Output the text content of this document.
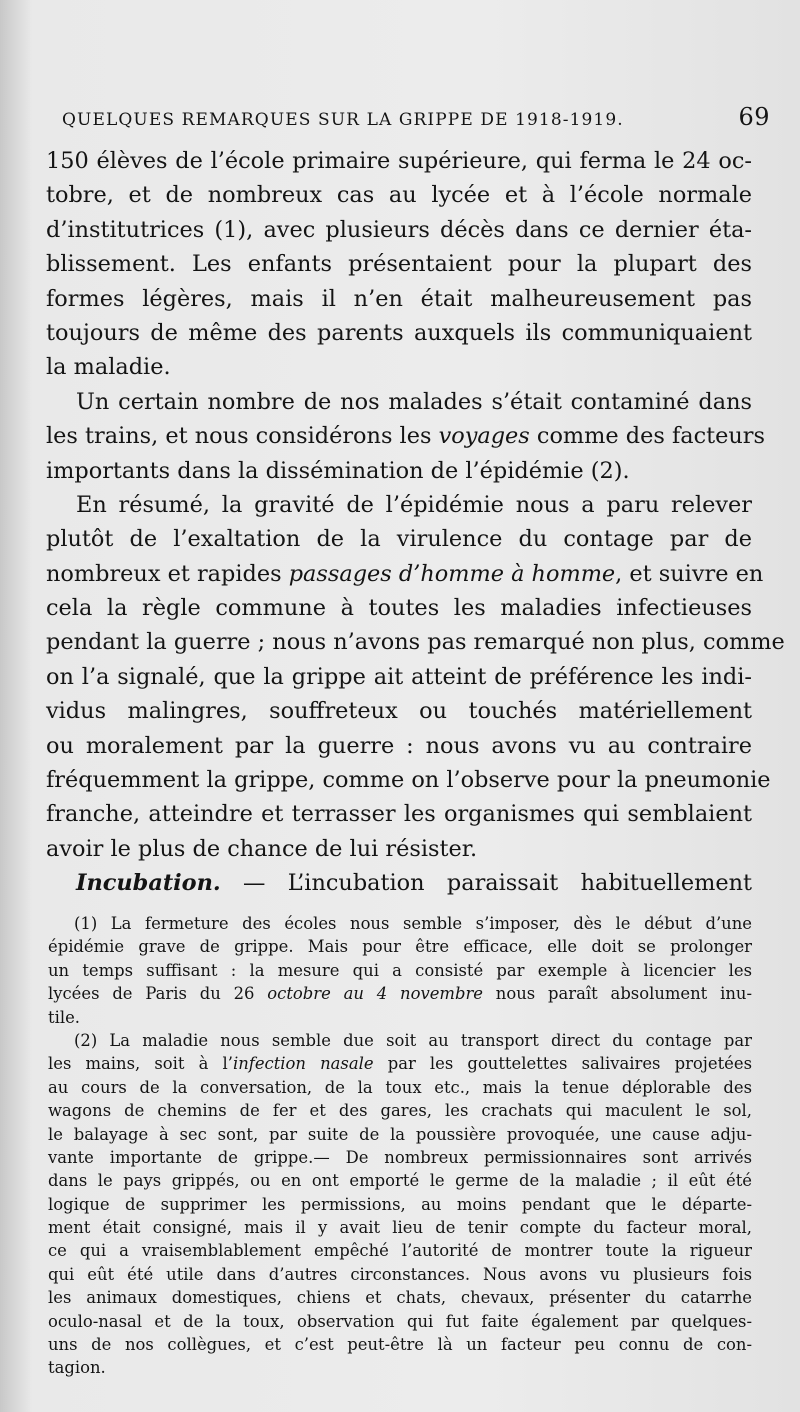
QUELQUES REMARQUES SUR LA GRIPPE DE 1918-1919.	69
150 élèves de l’école primaire supérieure, qui ferma le 24 oc-
tobre, et de nombreux cas au lycée et à l’école normale
d’institutrices (1), avec plusieurs décès dans ce dernier éta-
blissement. Les enfants présentaient pour la plupart des
formes légères, mais il n’en était malheureusement pas
toujours de même des parents auxquels ils communiquaient
la maladie.
Un certain nombre de nos malades s’était contaminé dans
les trains, et nous considérons les voyages comme des facteurs
importants dans la dissémination de l’épidémie (2).
En résumé, la gravité de l’épidémie nous a paru relever
plutôt de l’exaltation de la virulence du contage par de
nombreux et rapides passages d’homme à homme, et suivre en
cela la règle commune à toutes les maladies infectieuses
pendant la guerre ; nous n’avons pas remarqué non plus, comme
on l’a signalé, que la grippe ait atteint de préférence les indi-
vidus malingres, souffreteux ou touchés matériellement
ou moralement par la guerre : nous avons vu au contraire
fréquemment la grippe, comme on l’observe pour la pneumonie
franche, atteindre et terrasser les organismes qui semblaient
avoir le plus de chance de lui résister.
Incubation. — L’incubation paraissait habituellement
(1) La fermeture des écoles nous semble s’imposer, dès le début d’une
épidémie grave de grippe. Mais pour être efficace, elle doit se prolonger
un temps suffisant : la mesure qui a consisté par exemple à licencier les
lycées de Paris du 26 octobre au 4 novembre nous paraît absolument inu-
tile.
(2) La maladie nous semble due soit au transport direct du contage par
les mains, soit à l’infection nasale par les gouttelettes salivaires projetées
au cours de la conversation, de la toux etc., mais la tenue déplorable des
wagons de chemins de fer et des gares, les crachats qui maculent le sol,
le balayage à sec sont, par suite de la poussière provoquée, une cause adju-
vante importante de grippe.— De nombreux permissionnaires sont arrivés
dans le pays grippés, ou en ont emporté le germe de la maladie ; il eût été
logique de supprimer les permissions, au moins pendant que le départe-
ment était consigné, mais il y avait lieu de tenir compte du facteur moral,
ce qui a vraisemblablement empêché l’autorité de montrer toute la rigueur
qui eût été utile dans d’autres circonstances. Nous avons vu plusieurs fois
les animaux domestiques, chiens et chats, chevaux, présenter du catarrhe
oculo-nasal et de la toux, observation qui fut faite également par quelques-
uns de nos collègues, et c’est peut-être là un facteur peu connu de con-
tagion.
